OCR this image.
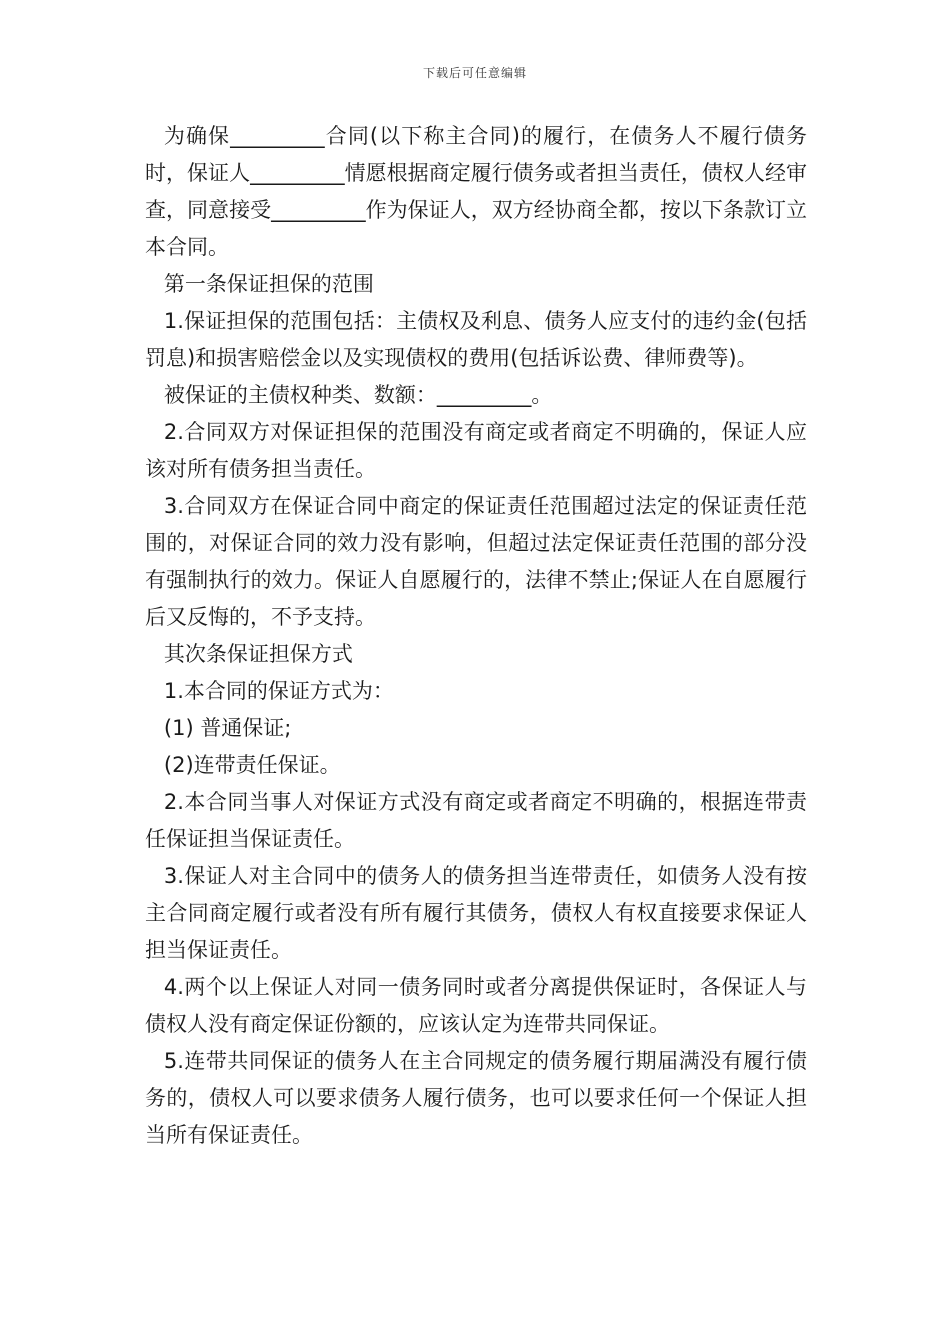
下载后可任意编辑

为确保_________合同(以下称主合同)的履行，在债务人不履行债务时，保证人_________情愿根据商定履行债务或者担当责任，债权人经审查，同意接受_________作为保证人，双方经协商全都，按以下条款订立本合同。

第一条保证担保的范围

1.保证担保的范围包括：主债权及利息、债务人应支付的违约金(包括罚息)和损害赔偿金以及实现债权的费用(包括诉讼费、律师费等)。

被保证的主债权种类、数额：_________。

2.合同双方对保证担保的范围没有商定或者商定不明确的，保证人应该对所有债务担当责任。

3.合同双方在保证合同中商定的保证责任范围超过法定的保证责任范围的，对保证合同的效力没有影响，但超过法定保证责任范围的部分没有强制执行的效力。保证人自愿履行的，法律不禁止;保证人在自愿履行后又反悔的，不予支持。

其次条保证担保方式

1.本合同的保证方式为：

(1) 普通保证;

(2)连带责任保证。

2.本合同当事人对保证方式没有商定或者商定不明确的，根据连带责任保证担当保证责任。

3.保证人对主合同中的债务人的债务担当连带责任，如债务人没有按主合同商定履行或者没有所有履行其债务，债权人有权直接要求保证人担当保证责任。

4.两个以上保证人对同一债务同时或者分离提供保证时，各保证人与债权人没有商定保证份额的，应该认定为连带共同保证。

5.连带共同保证的债务人在主合同规定的债务履行期届满没有履行债务的，债权人可以要求债务人履行债务，也可以要求任何一个保证人担当所有保证责任。
